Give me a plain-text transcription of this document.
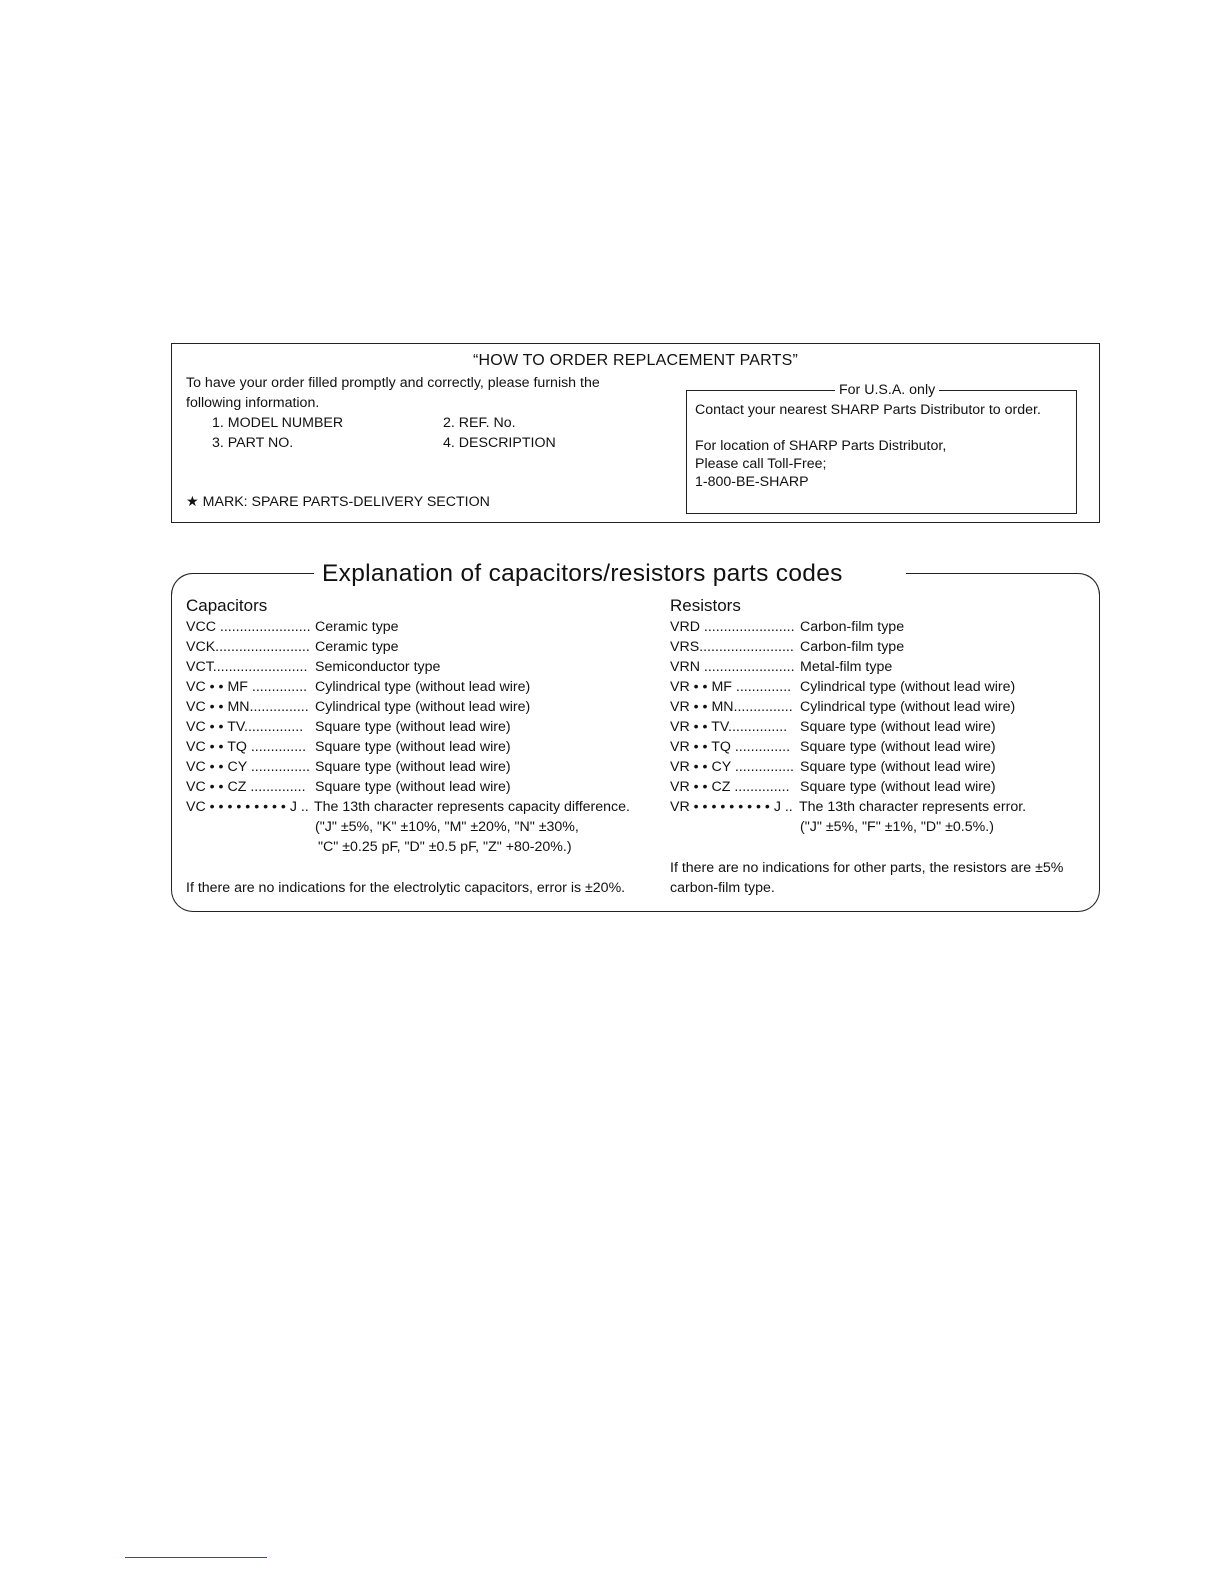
“HOW TO ORDER REPLACEMENT PARTS”
To have your order filled promptly and correctly, please furnish the
following information.
1. MODEL NUMBER	2. REF. No.
3. PART NO.	4. DESCRIPTION
★ MARK: SPARE PARTS-DELIVERY SECTION
For U.S.A. only
Contact your nearest SHARP Parts Distributor to order.
For location of SHARP Parts Distributor,
Please call Toll-Free;
1-800-BE-SHARP
Explanation of capacitors/resistors parts codes
Capacitors
VCC ....................... Ceramic type
VCK........................ Ceramic type
VCT........................ Semiconductor type
VC • • MF .............. Cylindrical type (without lead wire)
VC • • MN............... Cylindrical type (without lead wire)
VC • • TV............... Square type (without lead wire)
VC • • TQ .............. Square type (without lead wire)
VC • • CY ............... Square type (without lead wire)
VC • • CZ .............. Square type (without lead wire)
VC • • • • • • • • • J .. The 13th character represents capacity difference.
("J" ±5%, "K" ±10%, "M" ±20%, "N" ±30%,
"C" ±0.25 pF, "D" ±0.5 pF, "Z" +80-20%.)
If there are no indications for the electrolytic capacitors, error is ±20%.
Resistors
VRD ....................... Carbon-film type
VRS........................ Carbon-film type
VRN ....................... Metal-film type
VR • • MF .............. Cylindrical type (without lead wire)
VR • • MN............... Cylindrical type (without lead wire)
VR • • TV............... Square type (without lead wire)
VR • • TQ .............. Square type (without lead wire)
VR • • CY ............... Square type (without lead wire)
VR • • CZ .............. Square type (without lead wire)
VR • • • • • • • • • J .. The 13th character represents error.
("J" ±5%, "F" ±1%, "D" ±0.5%.)
If there are no indications for other parts, the resistors are ±5%
carbon-film type.
